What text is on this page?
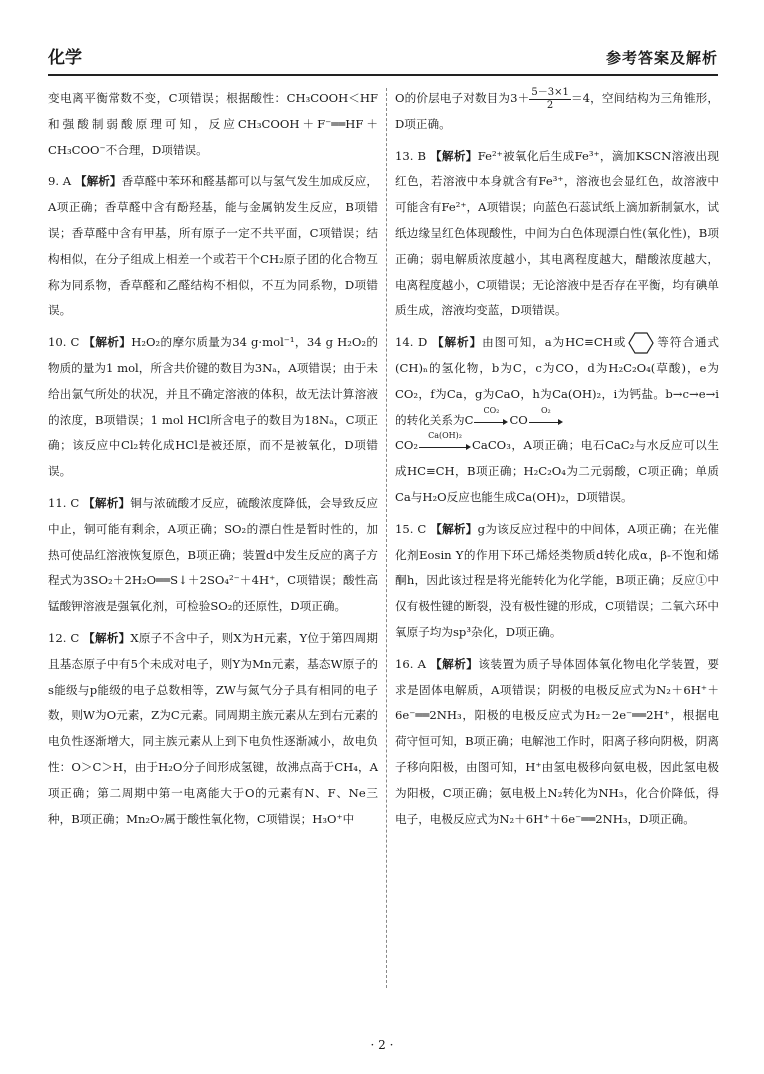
化学	参考答案及解析
变电离平衡常数不变，C项错误；根据酸性：CH₃COOH＜HF和强酸制弱酸原理可知，反应CH₃COOH＋F⁻══HF＋CH₃COO⁻不合理，D项错误。
9. A 【解析】香草醛中苯环和醛基都可以与氢气发生加成反应，A项正确；香草醛中含有酚羟基，能与金属钠发生反应，B项错误；香草醛中含有甲基，所有原子一定不共平面，C项错误；结构相似，在分子组成上相差一个或若干个CH₂原子团的化合物互称为同系物，香草醛和乙醛结构不相似，不互为同系物，D项错误。
10. C 【解析】H₂O₂的摩尔质量为34 g·mol⁻¹，34 g H₂O₂的物质的量为1 mol，所含共价键的数目为3Nₐ，A项错误；由于未给出氯气所处的状况，并且不确定溶液的体积，故无法计算溶液的浓度，B项错误；1 mol HCl所含电子的数目为18Nₐ，C项正确；该反应中Cl₂转化成HCl是被还原，而不是被氧化，D项错误。
11. C 【解析】铜与浓硫酸才反应，硫酸浓度降低，会导致反应中止，铜可能有剩余，A项正确；SO₂的漂白性是暂时性的，加热可使品红溶液恢复原色，B项正确；装置d中发生反应的离子方程式为3SO₂＋2H₂O══S↓＋2SO₄²⁻＋4H⁺，C项错误；酸性高锰酸钾溶液是强氧化剂，可检验SO₂的还原性，D项正确。
12. C 【解析】X原子不含中子，则X为H元素，Y位于第四周期且基态原子中有5个未成对电子，则Y为Mn元素，基态W原子的s能级与p能级的电子总数相等，ZW与氮气分子具有相同的电子数，则W为O元素，Z为C元素。同周期主族元素从左到右元素的电负性逐渐增大，同主族元素从上到下电负性逐渐减小，故电负性：O＞C＞H，由于H₂O分子间形成氢键，故沸点高于CH₄，A项正确；第二周期中第一电离能大于O的元素有N、F、Ne三种，B项正确；Mn₂O₇属于酸性氧化物，C项错误；H₃O⁺中
O的价层电子对数目为$3+ \frac{5-3\times 1}{2} =4$，空间结构为三角锥形，D项正确。
13. B 【解析】Fe²⁺被氧化后生成Fe³⁺，滴加KSCN溶液出现红色，若溶液中本身就含有Fe³⁺，溶液也会显红色，故溶液中可能含有Fe²⁺，A项错误；向蓝色石蕊试纸上滴加新制氯水，试纸边缘呈红色体现酸性，中间为白色体现漂白性(氧化性)，B项正确；弱电解质浓度越小，其电离程度越大，醋酸浓度越大，电离程度越小，C项错误；无论溶液中是否存在平衡，均有碘单质生成，溶液均变蓝，D项错误。
14. D 【解析】由图可知，a为HC≡CH或	等符合通式(CH)ₙ的氢化物，b为C，c为CO，d为H₂C₂O₄(草酸)，e为CO₂，f为Ca，g为CaO，h为Ca(OH)₂，i为钙盐。b→c→e→i的转化关系为C
CO₂
CO
O₂

CO₂
Ca(OH)₂
CaCO₃，A项正确；电石CaC₂与水反应可以生成HC≡CH，B项正确；H₂C₂O₄为二元弱酸，C项正确；单质Ca与H₂O反应也能生成Ca(OH)₂，D项错误。
15. C 【解析】g为该反应过程中的中间体，A项正确；在光催化剂Eosin Y的作用下环己烯烃类物质d转化成α，β-不饱和烯酮h，因此该过程是将光能转化为化学能，B项正确；反应①中仅有极性键的断裂，没有极性键的形成，C项错误；二氧六环中氧原子均为sp³杂化，D项正确。
16. A 【解析】该装置为质子导体固体氧化物电化学装置，要求是固体电解质，A项错误；阴极的电极反应式为N₂＋6H⁺＋6e⁻══2NH₃，阳极的电极反应式为H₂－2e⁻══2H⁺，根据电荷守恒可知，B项正确；电解池工作时，阳离子移向阴极，阴离子移向阳极，由图可知，H⁺由氢电极移向氨电极，因此氢电极为阳极，C项正确；氨电极上N₂转化为NH₃，化合价降低，得电子，电极反应式为N₂＋6H⁺＋6e⁻══2NH₃，D项正确。
· 2 ·
